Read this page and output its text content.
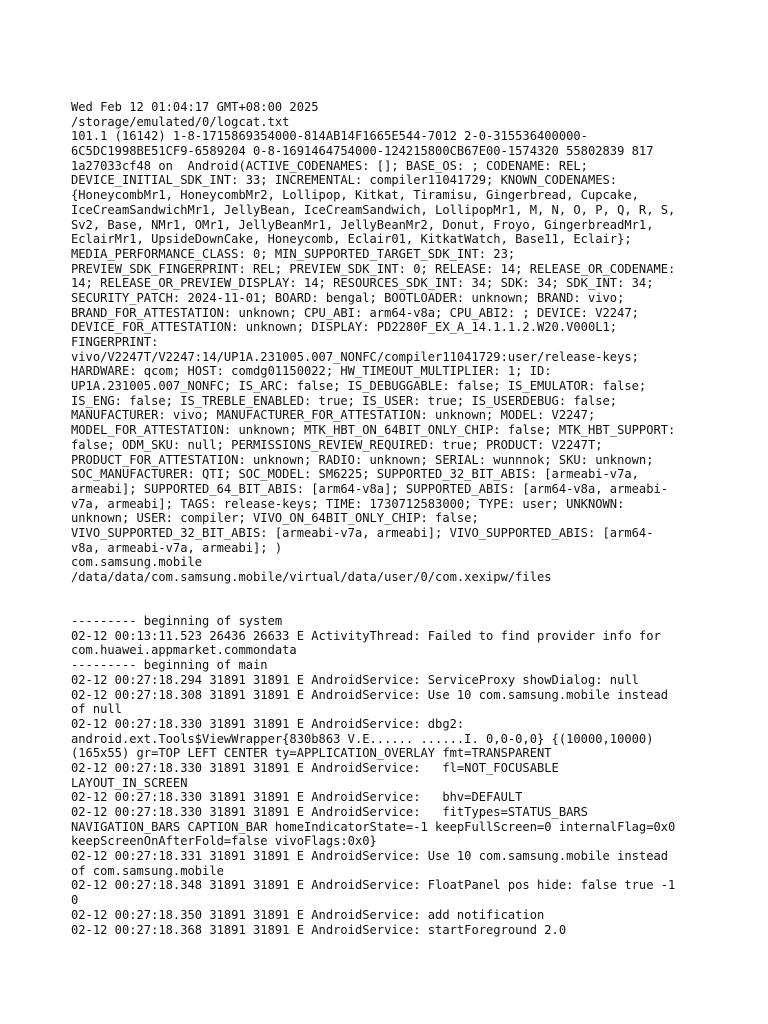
Wed Feb 12 01:04:17 GMT+08:00 2025
/storage/emulated/0/logcat.txt
101.1 (16142) 1-8-1715869354000-814AB14F1665E544-7012 2-0-315536400000-
6C5DC1998BE51CF9-6589204 0-8-1691464754000-124215800CB67E00-1574320 55802839 817
1a27033cf48 on  Android(ACTIVE_CODENAMES: []; BASE_OS: ; CODENAME: REL;
DEVICE_INITIAL_SDK_INT: 33; INCREMENTAL: compiler11041729; KNOWN_CODENAMES:
{HoneycombMr1, HoneycombMr2, Lollipop, Kitkat, Tiramisu, Gingerbread, Cupcake,
IceCreamSandwichMr1, JellyBean, IceCreamSandwich, LollipopMr1, M, N, O, P, Q, R, S,
Sv2, Base, NMr1, OMr1, JellyBeanMr1, JellyBeanMr2, Donut, Froyo, GingerbreadMr1,
EclairMr1, UpsideDownCake, Honeycomb, Eclair01, KitkatWatch, Base11, Eclair};
MEDIA_PERFORMANCE_CLASS: 0; MIN_SUPPORTED_TARGET_SDK_INT: 23;
PREVIEW_SDK_FINGERPRINT: REL; PREVIEW_SDK_INT: 0; RELEASE: 14; RELEASE_OR_CODENAME:
14; RELEASE_OR_PREVIEW_DISPLAY: 14; RESOURCES_SDK_INT: 34; SDK: 34; SDK_INT: 34;
SECURITY_PATCH: 2024-11-01; BOARD: bengal; BOOTLOADER: unknown; BRAND: vivo;
BRAND_FOR_ATTESTATION: unknown; CPU_ABI: arm64-v8a; CPU_ABI2: ; DEVICE: V2247;
DEVICE_FOR_ATTESTATION: unknown; DISPLAY: PD2280F_EX_A_14.1.1.2.W20.V000L1;
FINGERPRINT:
vivo/V2247T/V2247:14/UP1A.231005.007_NONFC/compiler11041729:user/release-keys;
HARDWARE: qcom; HOST: comdg01150022; HW_TIMEOUT_MULTIPLIER: 1; ID:
UP1A.231005.007_NONFC; IS_ARC: false; IS_DEBUGGABLE: false; IS_EMULATOR: false;
IS_ENG: false; IS_TREBLE_ENABLED: true; IS_USER: true; IS_USERDEBUG: false;
MANUFACTURER: vivo; MANUFACTURER_FOR_ATTESTATION: unknown; MODEL: V2247;
MODEL_FOR_ATTESTATION: unknown; MTK_HBT_ON_64BIT_ONLY_CHIP: false; MTK_HBT_SUPPORT:
false; ODM_SKU: null; PERMISSIONS_REVIEW_REQUIRED: true; PRODUCT: V2247T;
PRODUCT_FOR_ATTESTATION: unknown; RADIO: unknown; SERIAL: wunnnok; SKU: unknown;
SOC_MANUFACTURER: QTI; SOC_MODEL: SM6225; SUPPORTED_32_BIT_ABIS: [armeabi-v7a,
armeabi]; SUPPORTED_64_BIT_ABIS: [arm64-v8a]; SUPPORTED_ABIS: [arm64-v8a, armeabi-
v7a, armeabi]; TAGS: release-keys; TIME: 1730712583000; TYPE: user; UNKNOWN:
unknown; USER: compiler; VIVO_ON_64BIT_ONLY_CHIP: false;
VIVO_SUPPORTED_32_BIT_ABIS: [armeabi-v7a, armeabi]; VIVO_SUPPORTED_ABIS: [arm64-
v8a, armeabi-v7a, armeabi]; )
com.samsung.mobile
/data/data/com.samsung.mobile/virtual/data/user/0/com.xexipw/files
--------- beginning of system
02-12 00:13:11.523 26436 26633 E ActivityThread: Failed to find provider info for
com.huawei.appmarket.commondata
--------- beginning of main
02-12 00:27:18.294 31891 31891 E AndroidService: ServiceProxy showDialog: null
02-12 00:27:18.308 31891 31891 E AndroidService: Use 10 com.samsung.mobile instead
of null
02-12 00:27:18.330 31891 31891 E AndroidService: dbg2:
android.ext.Tools$ViewWrapper{830b863 V.E...... ......I. 0,0-0,0} {(10000,10000)
(165x55) gr=TOP LEFT CENTER ty=APPLICATION_OVERLAY fmt=TRANSPARENT
02-12 00:27:18.330 31891 31891 E AndroidService:   fl=NOT_FOCUSABLE
LAYOUT_IN_SCREEN
02-12 00:27:18.330 31891 31891 E AndroidService:   bhv=DEFAULT
02-12 00:27:18.330 31891 31891 E AndroidService:   fitTypes=STATUS_BARS
NAVIGATION_BARS CAPTION_BAR homeIndicatorState=-1 keepFullScreen=0 internalFlag=0x0
keepScreenOnAfterFold=false vivoFlags:0x0}
02-12 00:27:18.331 31891 31891 E AndroidService: Use 10 com.samsung.mobile instead
of com.samsung.mobile
02-12 00:27:18.348 31891 31891 E AndroidService: FloatPanel pos hide: false true -1
0
02-12 00:27:18.350 31891 31891 E AndroidService: add notification
02-12 00:27:18.368 31891 31891 E AndroidService: startForeground 2.0
